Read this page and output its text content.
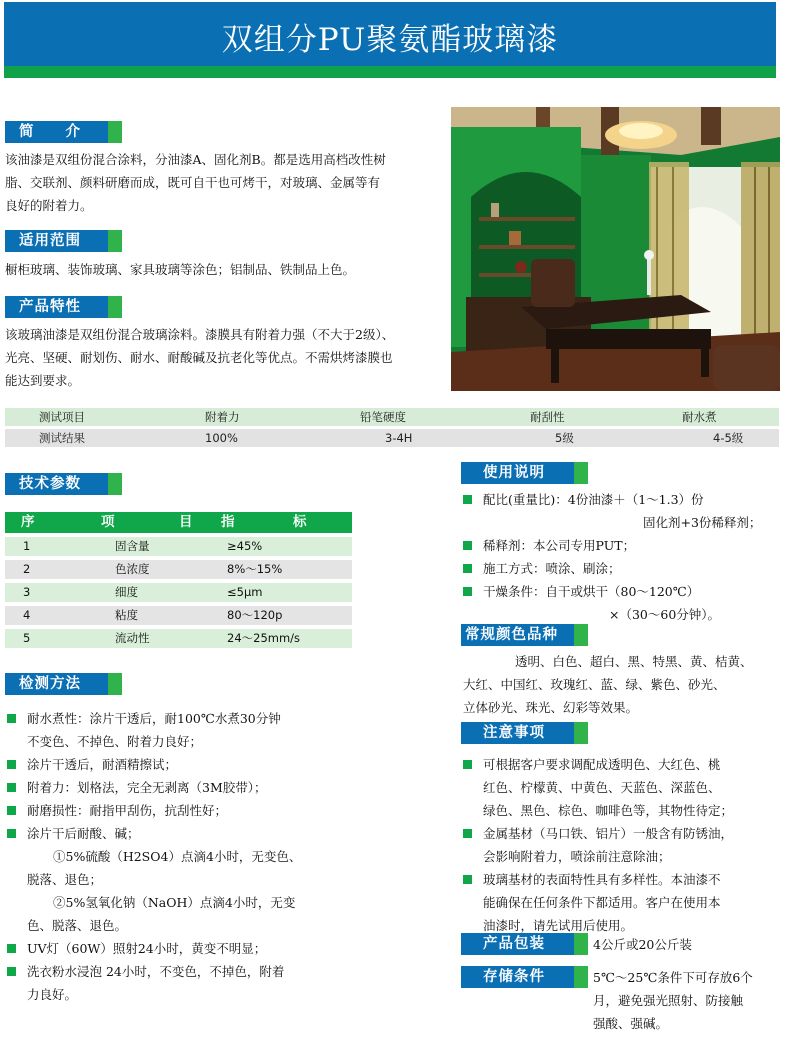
双组分PU聚氨酯玻璃漆
简　　介
该油漆是双组份混合涂料，分油漆A、固化剂B。都是选用高档改性树
脂、交联剂、颜料研磨而成，既可自干也可烤干，对玻璃、金属等有
良好的附着力。
适用范围
橱柜玻璃、装饰玻璃、家具玻璃等涂色；铝制品、铁制品上色。
产品特性
该玻璃油漆是双组份混合玻璃涂料。漆膜具有附着力强（不大于2级）、
光亮、坚硬、耐划伤、耐水、耐酸碱及抗老化等优点。不需烘烤漆膜也
能达到要求。
测试项目	附着力	铅笔硬度	耐刮性	耐水煮
测试结果	100%	3-4H	5级	4-5级
技术参数
序	项	目	指	标
1	固含量	≥45%
2	色浓度	8%～15%
3	细度	≤5μm
4	粘度	80～120p
5	流动性	24～25mm/s
检测方法
耐水煮性：涂片干透后，耐100℃水煮30分钟
不变色、不掉色、附着力良好；
涂片干透后，耐酒精擦试；
附着力：划格法，完全无剥离（3M胶带）；
耐磨损性：耐指甲刮伤，抗刮性好；
涂片干后耐酸、碱；
①5%硫酸（H2SO4）点滴4小时，无变色、
脱落、退色；
②5%氢氧化钠（NaOH）点滴4小时，无变
色、脱落、退色。
UV灯（60W）照射24小时，黄变不明显；
洗衣粉水浸泡 24小时，不变色，不掉色，附着
力良好。
使用说明
配比(重量比)：4份油漆＋（1～1.3）份
固化剂+3份稀释剂；
稀释剂：本公司专用PUT；
施工方式：喷涂、刷涂；
干燥条件：自干或烘干（80～120℃）
×（30～60分钟）。
常规颜色品种
透明、白色、超白、黑、特黑、黄、桔黄、
大红、中国红、玫瑰红、蓝、绿、紫色、砂光、
立体砂光、珠光、幻彩等效果。
注意事项
可根据客户要求调配成透明色、大红色、桃
红色、柠檬黄、中黄色、天蓝色、深蓝色、
绿色、黑色、棕色、咖啡色等，其物性待定；
金属基材（马口铁、铝片）一般含有防锈油，
会影响附着力，喷涂前注意除油；
玻璃基材的表面特性具有多样性。本油漆不
能确保在任何条件下都适用。客户在使用本
油漆时，请先试用后使用。
产品包装	4公斤或20公斤装
存储条件	5℃～25℃条件下可存放6个
月，避免强光照射、防接触
强酸、强碱。
